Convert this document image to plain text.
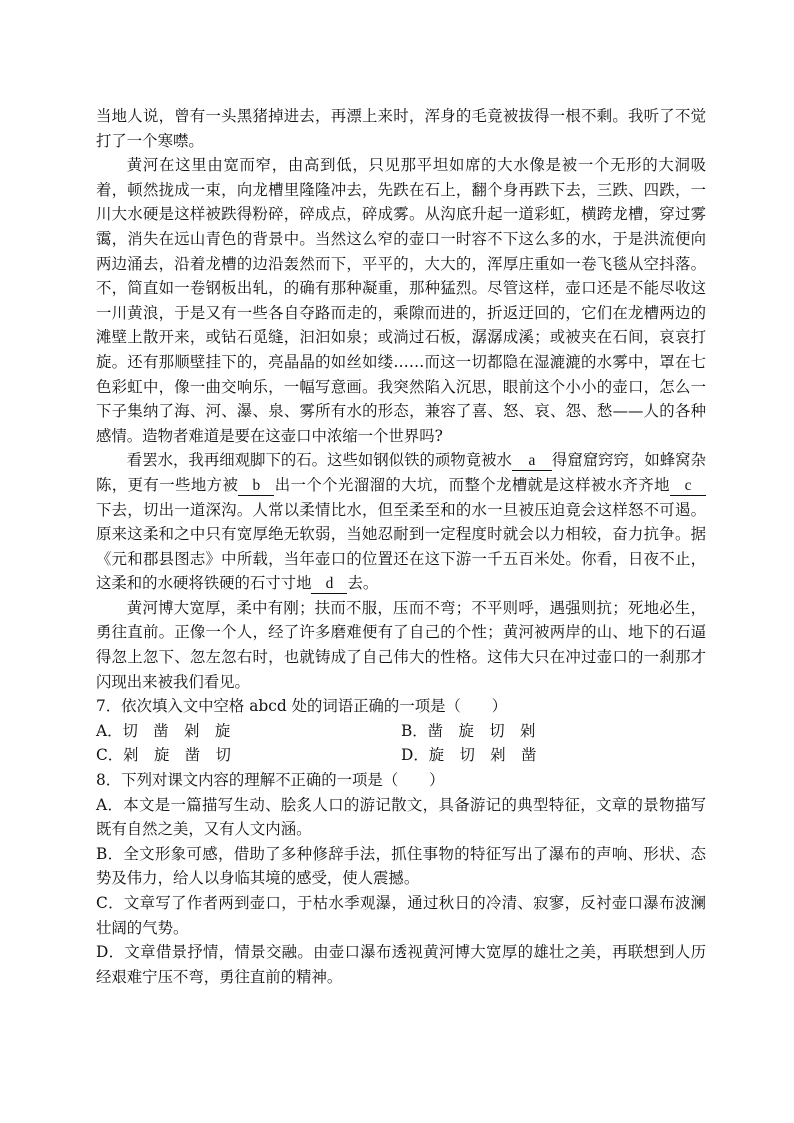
当地人说，曾有一头黑猪掉进去，再漂上来时，浑身的毛竟被拔得一根不剩。我听了不觉打了一个寒噤。

黄河在这里由宽而窄，由高到低，只见那平坦如席的大水像是被一个无形的大洞吸着，顿然拢成一束，向龙槽里隆隆冲去，先跌在石上，翻个身再跌下去，三跌、四跌，一川大水硬是这样被跌得粉碎，碎成点，碎成雾。从沟底升起一道彩虹，横跨龙槽，穿过雾霭，消失在远山青色的背景中。当然这么窄的壶口一时容不下这么多的水，于是洪流便向两边涌去，沿着龙槽的边沿轰然而下，平平的，大大的，浑厚庄重如一卷飞毯从空抖落。不，简直如一卷钢板出轧，的确有那种凝重，那种猛烈。尽管这样，壶口还是不能尽收这一川黄浪，于是又有一些各自夺路而走的，乘隙而进的，折返迂回的，它们在龙槽两边的滩壁上散开来，或钻石觅缝，汩汩如泉；或淌过石板，潺潺成溪；或被夹在石间，哀哀打旋。还有那顺壁挂下的，亮晶晶的如丝如缕……而这一切都隐在湿漉漉的水雾中，罩在七色彩虹中，像一曲交响乐，一幅写意画。我突然陷入沉思，眼前这个小小的壶口，怎么一下子集纳了海、河、瀑、泉、雾所有水的形态，兼容了喜、怒、哀、怨、愁——人的各种感情。造物者难道是要在这壶口中浓缩一个世界吗?

看罢水，我再细观脚下的石。这些如钢似铁的顽物竟被水 a 得窟窟窍窍，如蜂窝杂陈，更有一些地方被 b 出一个个光溜溜的大坑，而整个龙槽就是这样被水齐齐地 c下去，切出一道深沟。人常以柔情比水，但至柔至和的水一旦被压迫竟会这样怒不可遏。原来这柔和之中只有宽厚绝无软弱，当她忍耐到一定程度时就会以力相较，奋力抗争。据《元和郡县图志》中所载，当年壶口的位置还在这下游一千五百米处。你看，日夜不止，这柔和的水硬将铁硬的石寸寸地 d 去。

黄河博大宽厚，柔中有刚；扶而不服，压而不弯；不平则呼，遇强则抗；死地必生，勇往直前。正像一个人，经了许多磨难便有了自己的个性；黄河被两岸的山、地下的石逼得忽上忽下、忽左忽右时，也就铸成了自己伟大的性格。这伟大只在冲过壶口的一刹那才闪现出来被我们看见。

7．依次填入文中空格 abcd 处的词语正确的一项是（　　）

A．切　凿　剁　旋	B．凿　旋　切　剁
C．剁　旋　凿　切	D．旋　切　剁　凿

8．下列对课文内容的理解不正确的一项是（　　）

A．本文是一篇描写生动、脍炙人口的游记散文，具备游记的典型特征，文章的景物描写既有自然之美，又有人文内涵。

B．全文形象可感，借助了多种修辞手法，抓住事物的特征写出了瀑布的声响、形状、态势及伟力，给人以身临其境的感受，使人震撼。

C．文章写了作者两到壶口，于枯水季观瀑，通过秋日的冷清、寂寥，反衬壶口瀑布波澜壮阔的气势。

D．文章借景抒情，情景交融。由壶口瀑布透视黄河博大宽厚的雄壮之美，再联想到人历经艰难宁压不弯，勇往直前的精神。
